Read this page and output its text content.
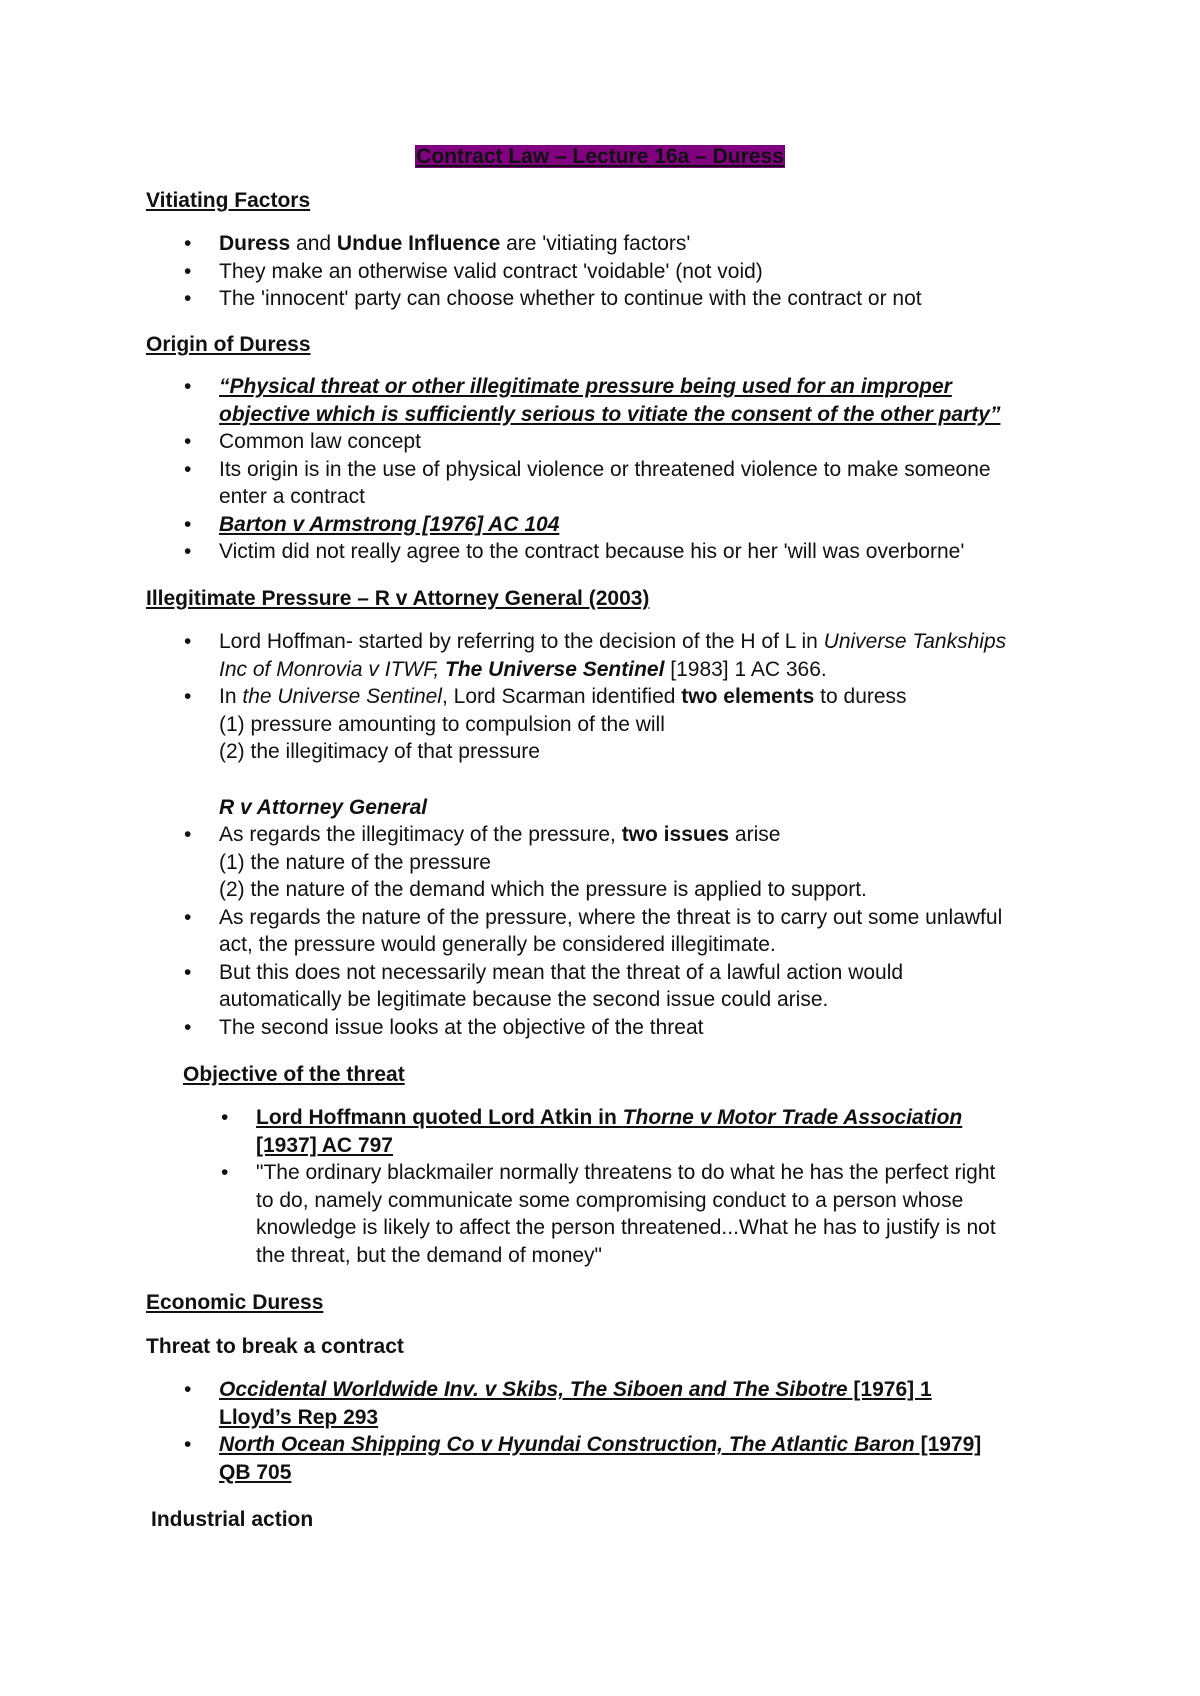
Contract Law – Lecture 16a – Duress
Vitiating Factors
• Duress and Undue Influence are 'vitiating factors'
• They make an otherwise valid contract 'voidable' (not void)
• The 'innocent' party can choose whether to continue with the contract or not
Origin of Duress
• “Physical threat or other illegitimate pressure being used for an improper
objective which is sufficiently serious to vitiate the consent of the other party”
• Common law concept
• Its origin is in the use of physical violence or threatened violence to make someone
enter a contract
• Barton v Armstrong [1976] AC 104
• Victim did not really agree to the contract because his or her 'will was overborne'
Illegitimate Pressure – R v Attorney General (2003)
• Lord Hoffman- started by referring to the decision of the H of L in Universe Tankships
Inc of Monrovia v ITWF, The Universe Sentinel [1983] 1 AC 366.
• In the Universe Sentinel, Lord Scarman identified two elements to duress
(1) pressure amounting to compulsion of the will
(2) the illegitimacy of that pressure
R v Attorney General
• As regards the illegitimacy of the pressure, two issues arise
(1) the nature of the pressure
(2) the nature of the demand which the pressure is applied to support.
• As regards the nature of the pressure, where the threat is to carry out some unlawful
act, the pressure would generally be considered illegitimate.
• But this does not necessarily mean that the threat of a lawful action would
automatically be legitimate because the second issue could arise.
• The second issue looks at the objective of the threat
Objective of the threat
• Lord Hoffmann quoted Lord Atkin in Thorne v Motor Trade Association
[1937] AC 797
• "The ordinary blackmailer normally threatens to do what he has the perfect right
to do, namely communicate some compromising conduct to a person whose
knowledge is likely to affect the person threatened...What he has to justify is not
the threat, but the demand of money"
Economic Duress
Threat to break a contract
• Occidental Worldwide Inv. v Skibs, The Siboen and The Sibotre [1976] 1
Lloyd’s Rep 293
• North Ocean Shipping Co v Hyundai Construction, The Atlantic Baron [1979]
QB 705
Industrial action
